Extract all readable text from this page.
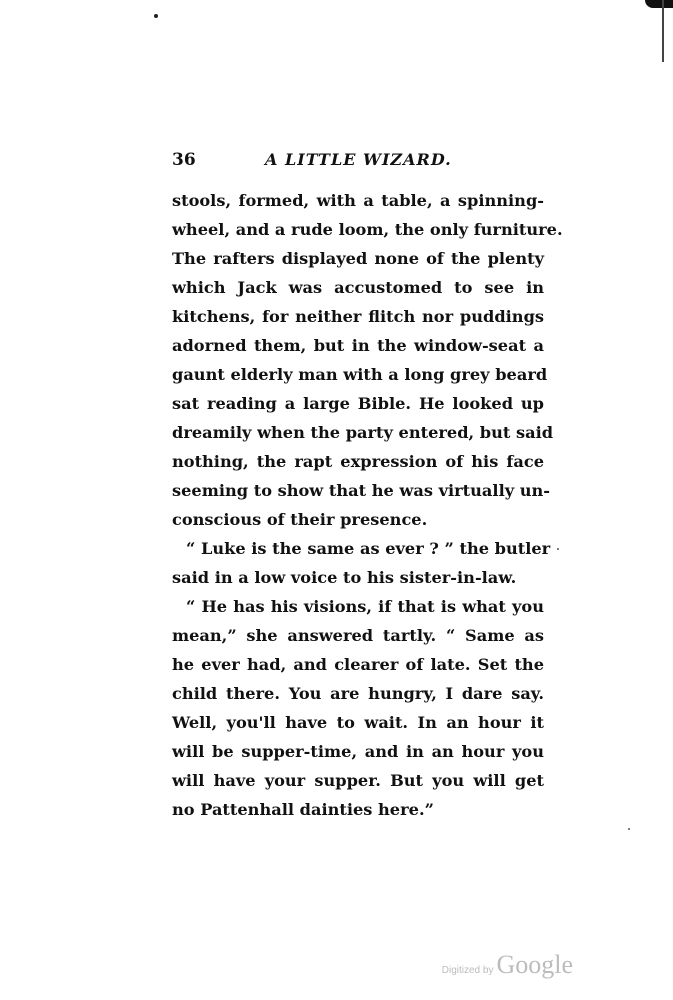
36	A LITTLE WIZARD.
stools, formed, with a table, a spinning-
wheel, and a rude loom, the only furniture.
The rafters displayed none of the plenty
which Jack was accustomed to see in
kitchens, for neither flitch nor puddings
adorned them, but in the window-seat a
gaunt elderly man with a long grey beard
sat reading a large Bible. He looked up
dreamily when the party entered, but said
nothing, the rapt expression of his face
seeming to show that he was virtually un-
conscious of their presence.
“ Luke is the same as ever ? ” the butler
said in a low voice to his sister-in-law.
“ He has his visions, if that is what you
mean,” she answered tartly. “ Same as
he ever had, and clearer of late. Set the
child there. You are hungry, I dare say.
Well, you'll have to wait. In an hour it
will be supper-time, and in an hour you
will have your supper. But you will get
no Pattenhall dainties here.”
Digitized by Google
